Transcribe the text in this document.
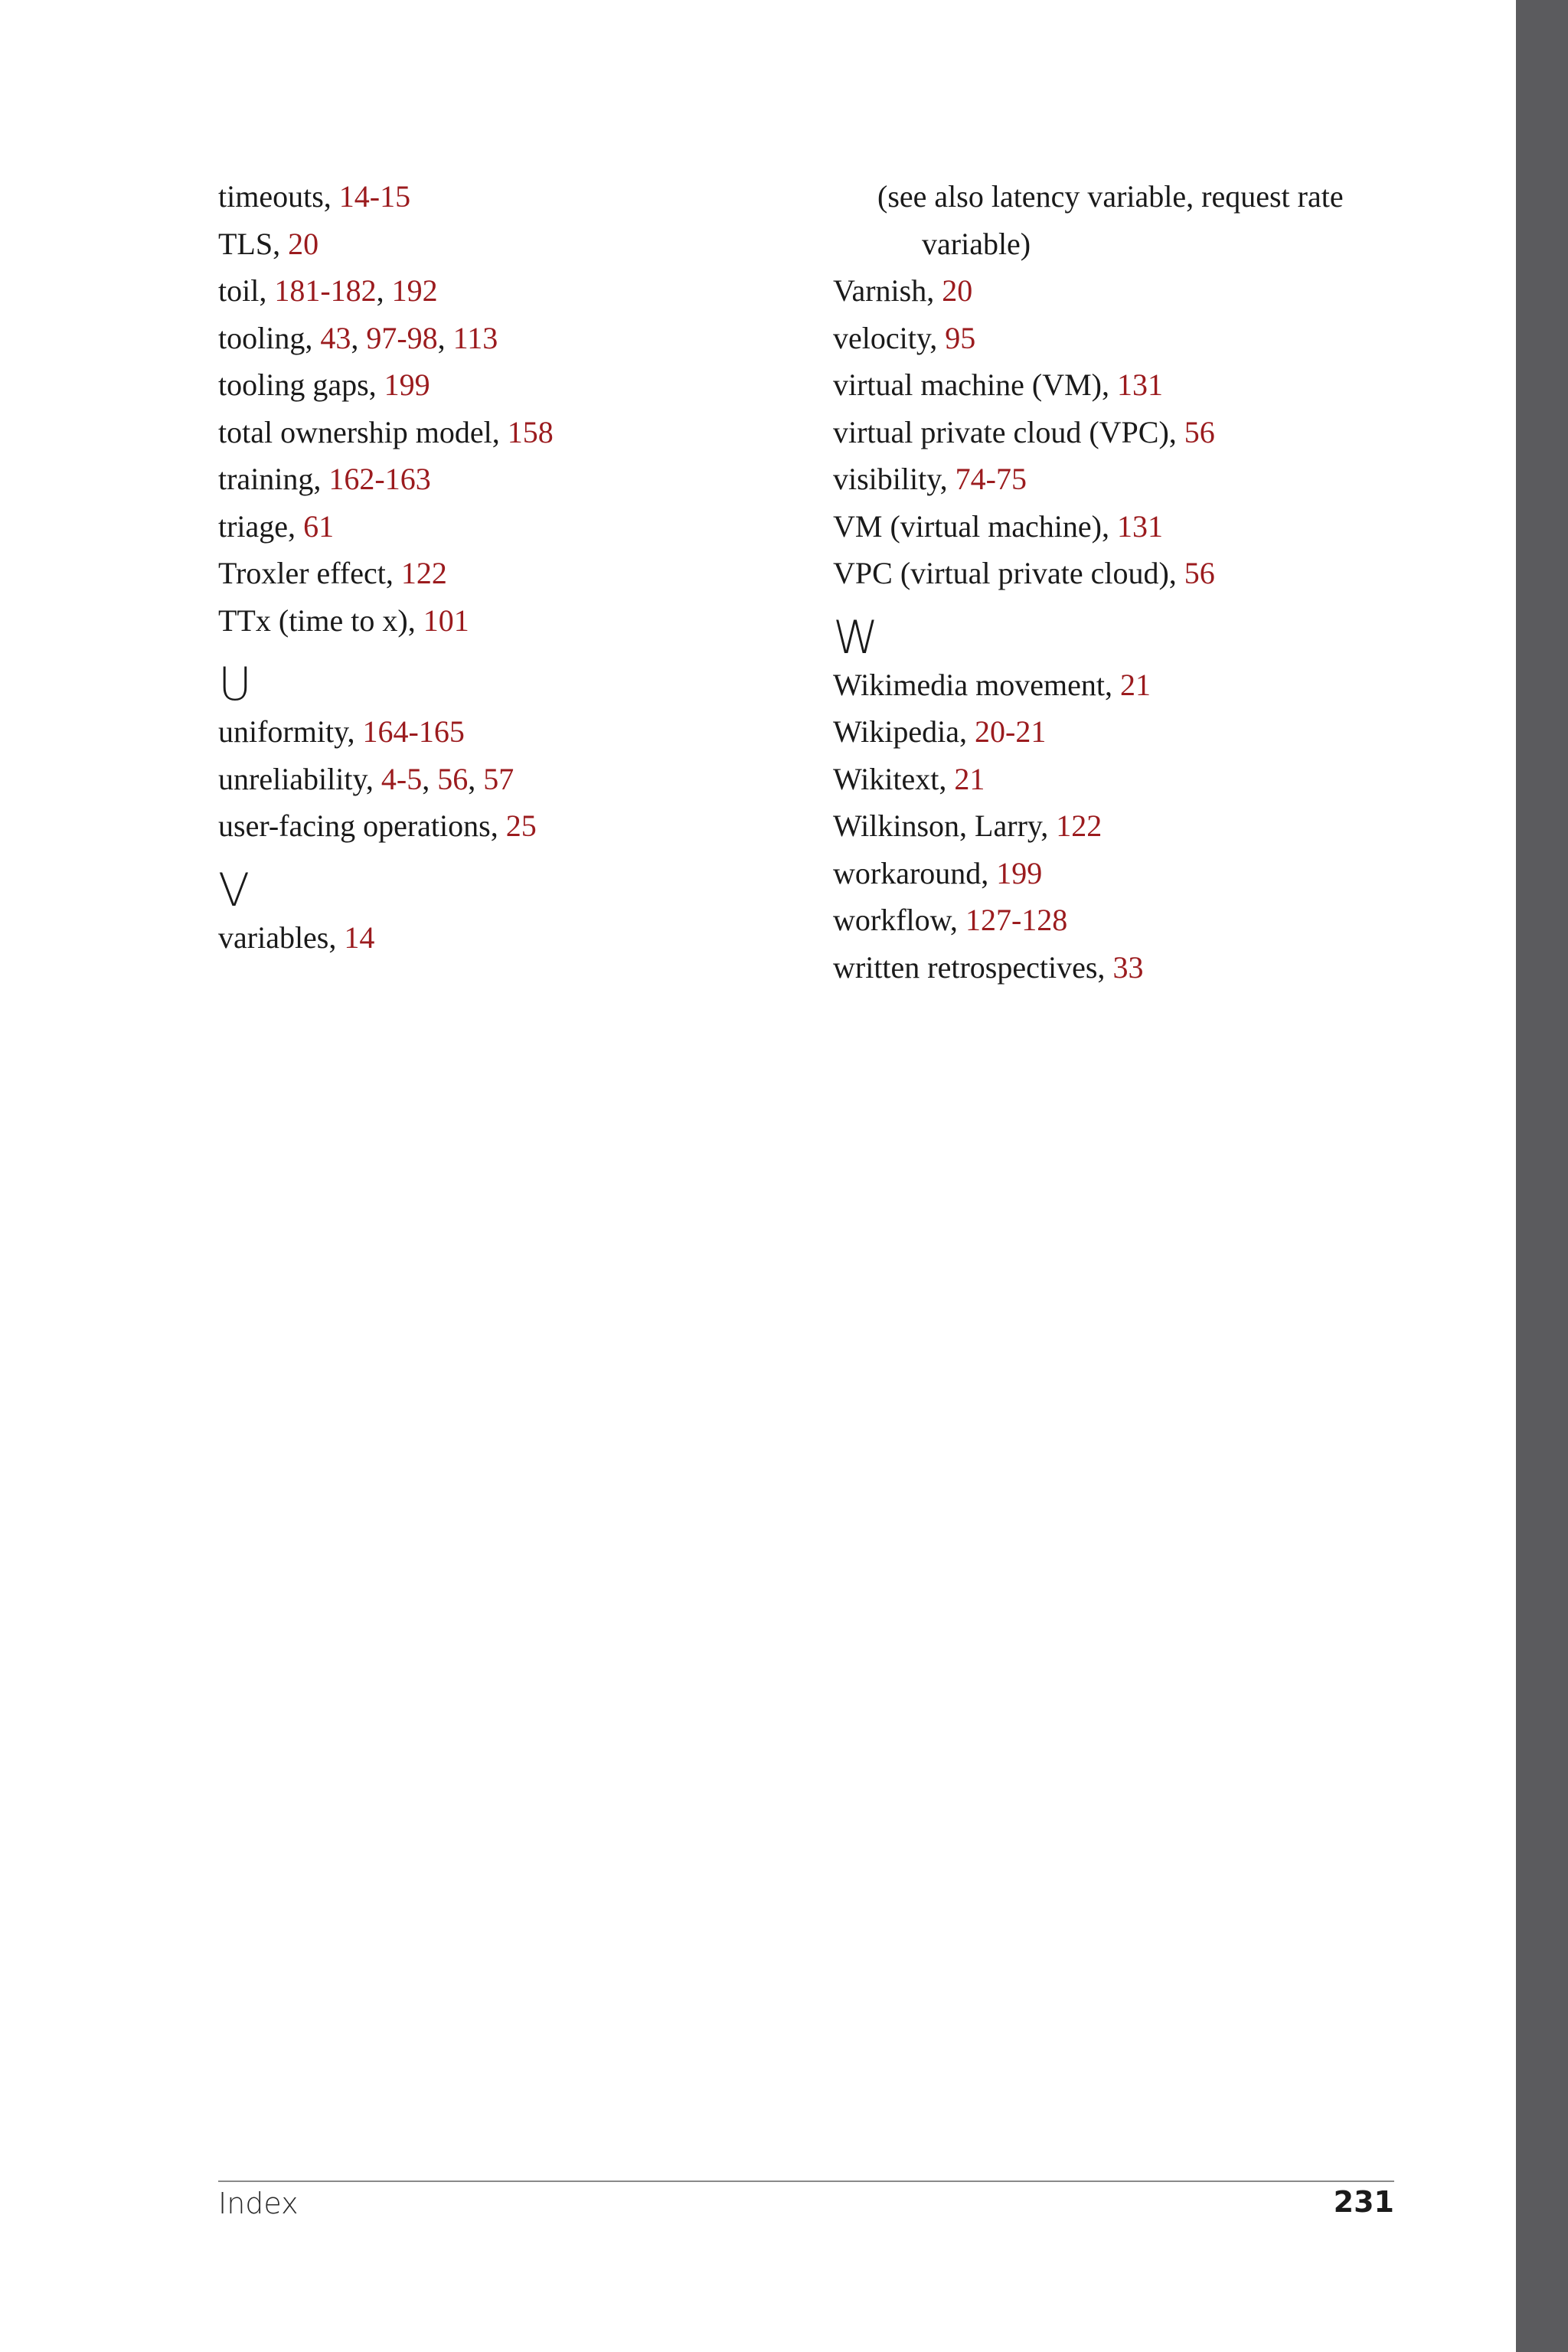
timeouts, 14-15
TLS, 20
toil, 181-182, 192
tooling, 43, 97-98, 113
tooling gaps, 199
total ownership model, 158
training, 162-163
triage, 61
Troxler effect, 122
TTx (time to x), 101
U
uniformity, 164-165
unreliability, 4-5, 56, 57
user-facing operations, 25
V
variables, 14
(see also latency variable, request rate
variable)
Varnish, 20
velocity, 95
virtual machine (VM), 131
virtual private cloud (VPC), 56
visibility, 74-75
VM (virtual machine), 131
VPC (virtual private cloud), 56
W
Wikimedia movement, 21
Wikipedia, 20-21
Wikitext, 21
Wilkinson, Larry, 122
workaround, 199
workflow, 127-128
written retrospectives, 33
Index	231
